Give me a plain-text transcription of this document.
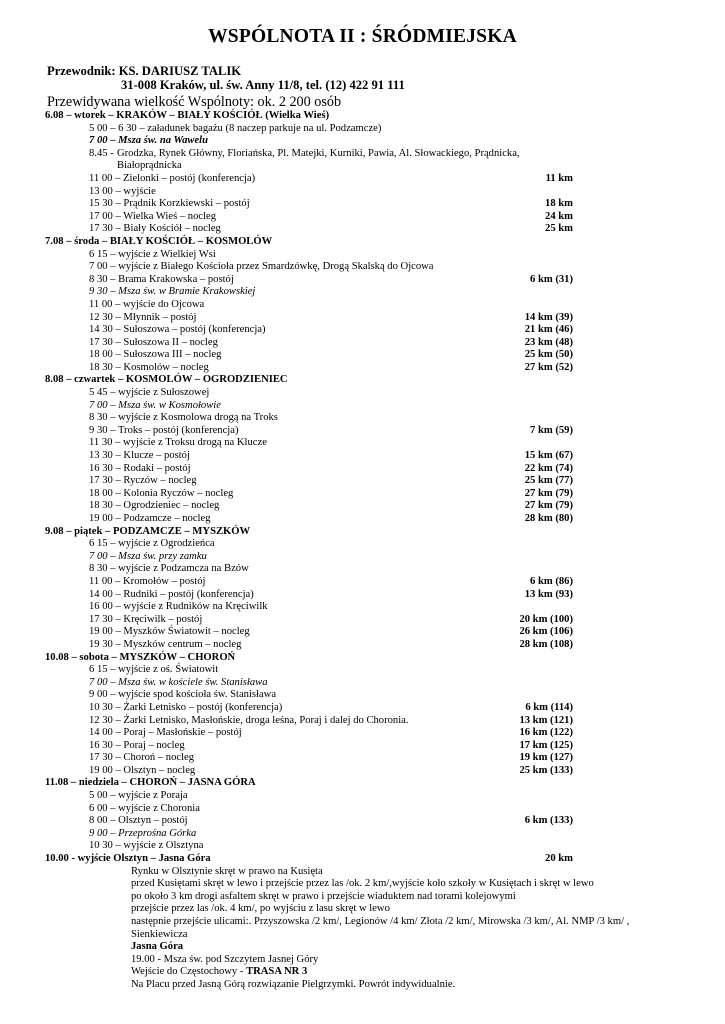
WSPÓLNOTA II : ŚRÓDMIEJSKA
Przewodnik: KS. DARIUSZ TALIK
31-008 Kraków, ul. św. Anny 11/8, tel. (12) 422 91 111
Przewidywana wielkość Wspólnoty: ok. 2 200 osób
6.08 – wtorek – KRAKÓW – BIAŁY KOŚCIÓŁ (Wielka Wieś)
5 00 – 6 30 – załadunek bagażu (8 naczep parkuje na ul. Podzamcze)
7 00 – Msza św. na Wawelu
8.45 - Grodzka, Rynek Główny, Floriańska, Pl. Matejki, Kurniki, Pawia, Al. Słowackiego, Prądnicka,
Białoprądnicka
11 00 – Zielonki – postój (konferencja)	11 km
13 00 – wyjście
15 30 – Prądnik Korzkiewski – postój	18 km
17 00 – Wielka Wieś – nocleg	24 km
17 30 – Biały Kościół – nocleg	25 km
7.08 – środa – BIAŁY KOŚCIÓŁ – KOSMOLÓW
6 15 – wyjście z Wielkiej Wsi
7 00 – wyjście z Białego Kościoła przez Smardzówkę, Drogą Skalską do Ojcowa
8 30 – Brama Krakowska – postój	6 km (31)
9 30 – Msza św. w Bramie Krakowskiej
11 00 – wyjście do Ojcowa
12 30 – Młynnik – postój	14 km (39)
14 30 – Sułoszowa – postój (konferencja)	21 km (46)
17 30 – Sułoszowa II – nocleg	23 km (48)
18 00 – Sułoszowa III – nocleg	25 km (50)
18 30 – Kosmolów – nocleg	27 km (52)
8.08 – czwartek – KOSMOLÓW – OGRODZIENIEC
5 45 – wyjście z Sułoszowej
7 00 – Msza św. w Kosmołowie
8 30 – wyjście z Kosmolowa drogą na Troks
9 30 – Troks – postój (konferencja)	7 km (59)
11 30 – wyjście z Troksu drogą na Klucze
13 30 – Klucze – postój	15 km (67)
16 30 – Rodaki – postój	22 km (74)
17 30 – Ryczów – nocleg	25 km (77)
18 00 – Kolonia Ryczów – nocleg	27 km (79)
18 30 – Ogrodzieniec – nocleg	27 km (79)
19 00 – Podzamcze – nocleg	28 km (80)
9.08 – piątek – PODZAMCZE – MYSZKÓW
6 15 – wyjście z Ogrodzieńca
7 00 – Msza św. przy zamku
8 30 – wyjście z Podzamcza na Bzów
11 00 – Kromołów – postój	6 km (86)
14 00 – Rudniki – postój (konferencja)	13 km (93)
16 00 – wyjście z Rudników na Kręciwilk
17 30 – Kręciwilk – postój	20 km (100)
19 00 – Myszków Światowit – nocleg	26 km (106)
19 30 – Myszków centrum – nocleg	28 km (108)
10.08 – sobota – MYSZKÓW – CHOROŃ
6 15 – wyjście z oś. Światowit
7 00 – Msza św. w kościele św. Stanisława
9 00 – wyjście spod kościoła św. Stanisława
10 30 – Żarki Letnisko – postój (konferencja)	6 km (114)
12 30 – Żarki Letnisko, Masłońskie, droga leśna, Poraj i dalej do Choronia.	13 km (121)
14 00 – Poraj – Masłońskie – postój	16 km (122)
16 30 – Poraj – nocleg	17 km (125)
17 30 – Choroń – nocleg	19 km (127)
19 00 – Olsztyn – nocleg	25 km (133)
11.08 – niedziela – CHOROŃ – JASNA GÓRA
5 00 – wyjście z Poraja
6 00 – wyjście z Choronia
8 00 – Olsztyn – postój	6 km (133)
9 00 – Przeprośna Górka
10 30 – wyjście z Olsztyna
10.00 - wyjście Olsztyn – Jasna Góra	20 km
Rynku w Olsztynie skręt w prawo na Kusięta
przed Kusiętami skręt w lewo i przejście przez las /ok. 2 km/,wyjście koło szkoły w Kusiętach i skręt w lewo
po około 3 km drogi asfaltem skręt w prawo i przejście wiaduktem nad torami kolejowymi
przejście przez las /ok. 4 km/, po wyjściu z lasu skręt w lewo
następnie przejście ulicami:. Przyszowska /2 km/, Legionów /4 km/ Złota /2 km/, Mirowska /3 km/, Al. NMP /3 km/ ,
Sienkiewicza
Jasna Góra
19.00 - Msza św. pod Szczytem Jasnej Góry
Wejście do Częstochowy - TRASA NR 3
Na Placu przed Jasną Górą rozwiązanie Pielgrzymki. Powrót indywidualnie.
